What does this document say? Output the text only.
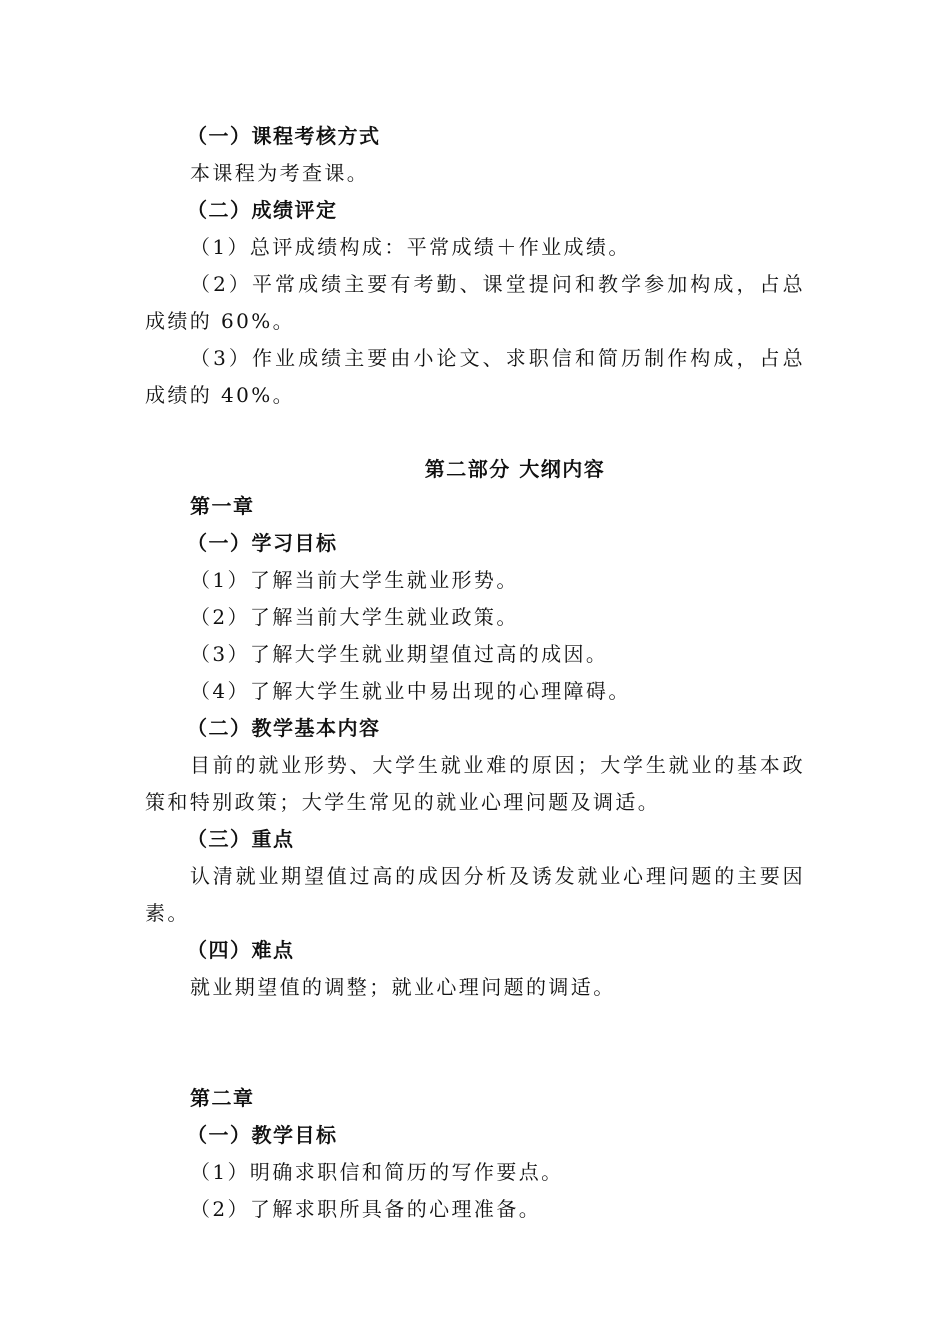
（一）课程考核方式
本课程为考查课。
（二）成绩评定
（1）总评成绩构成：平常成绩＋作业成绩。
（2）平常成绩主要有考勤、课堂提问和教学参加构成，占总成绩的 60%。
（3）作业成绩主要由小论文、求职信和简历制作构成，占总成绩的 40%。
第二部分 大纲内容
第一章
（一）学习目标
（1）了解当前大学生就业形势。
（2）了解当前大学生就业政策。
（3）了解大学生就业期望值过高的成因。
（4）了解大学生就业中易出现的心理障碍。
（二）教学基本内容
目前的就业形势、大学生就业难的原因；大学生就业的基本政策和特别政策；大学生常见的就业心理问题及调适。
（三）重点
认清就业期望值过高的成因分析及诱发就业心理问题的主要因素。
（四）难点
就业期望值的调整；就业心理问题的调适。
第二章
（一）教学目标
（1）明确求职信和简历的写作要点。
（2）了解求职所具备的心理准备。
